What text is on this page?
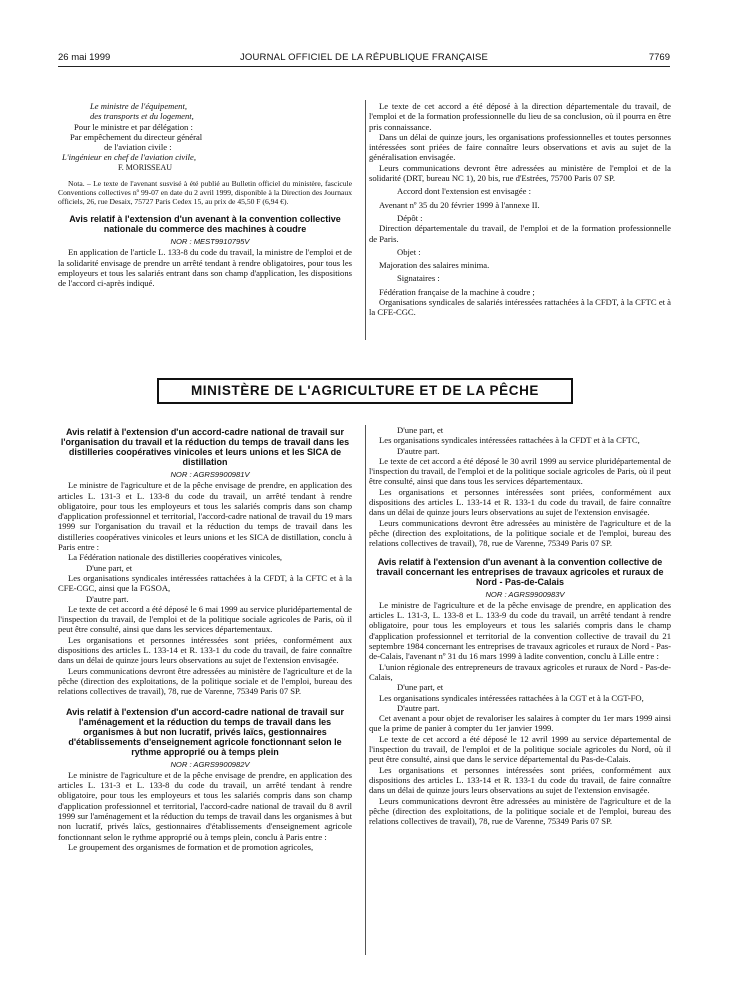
26 mai 1999	JOURNAL OFFICIEL DE LA RÉPUBLIQUE FRANÇAISE	7769
Le ministre de l'équipement,
des transports et du logement,
Pour le ministre et par délégation :
Par empêchement du directeur général
de l'aviation civile :
L'ingénieur en chef de l'aviation civile,
F. MORISSEAU

Nota. – Le texte de l'avenant susvisé à été publié au Bulletin officiel du ministère, fascicule Conventions collectives nº 99-07 en date du 2 avril 1999, disponible à la Direction des Journaux officiels, 26, rue Desaix, 75727 Paris Cedex 15, au prix de 45,50 F (6,94 €).

Avis relatif à l'extension d'un avenant à la convention collective nationale du commerce des machines à coudre

NOR : MESТ9910795V

En application de l'article L. 133-8 du code du travail, la ministre de l'emploi et de la solidarité envisage de prendre un arrêté tendant à rendre obligatoires, pour tous les employeurs et tous les salariés entrant dans son champ d'application, les dispositions de l'accord ci-après indiqué.

Le texte de cet accord a été déposé à la direction départementale du travail, de l'emploi et de la formation professionnelle du lieu de sa conclusion, où il pourra en être pris connaissance.

Dans un délai de quinze jours, les organisations professionnelles et toutes personnes intéressées sont priées de faire connaître leurs observations et avis au sujet de la généralisation envisagée.

Leurs communications devront être adressées au ministère de l'emploi et de la solidarité (DRT, bureau NC 1), 20 bis, rue d'Estrées, 75700 Paris 07 SP.

Accord dont l'extension est envisagée :

Avenant nº 35 du 20 février 1999 à l'annexe II.

Dépôt :

Direction départementale du travail, de l'emploi et de la formation professionnelle de Paris.

Objet :

Majoration des salaires minima.

Signataires :

Fédération française de la machine à coudre ;

Organisations syndicales de salariés intéressées rattachées à la CFDT, à la CFTC et à la CFE-CGC.

MINISTÈRE DE L'AGRICULTURE ET DE LA PÊCHE
Avis relatif à l'extension d'un accord-cadre national de travail sur l'organisation du travail et la réduction du temps de travail dans les distilleries coopératives vinicoles et leurs unions et les SICA de distillation

NOR : AGRS9900981V

Le ministre de l'agriculture et de la pêche envisage de prendre, en application des articles L. 131-3 et L. 133-8 du code du travail, un arrêté tendant à rendre obligatoire, pour tous les employeurs et tous les salariés compris dans son champ d'application professionnel et territorial, l'accord-cadre national de travail du 19 mars 1999 sur l'organisation du travail et la réduction du temps de travail dans les distilleries coopératives vinicoles et leurs unions et les SICA de distillation, conclu à Paris entre :

La Fédération nationale des distilleries coopératives vinicoles,

D'une part, et

Les organisations syndicales intéressées rattachées à la CFDT, à la CFTC et à la CFE-CGC, ainsi que la FGSOA,

D'autre part.

Le texte de cet accord a été déposé le 6 mai 1999 au service pluridépartemental de l'inspection du travail, de l'emploi et de la politique sociale agricoles de Paris, où il peut être consulté, ainsi que dans les services départementaux.

Les organisations et personnes intéressées sont priées, conformément aux dispositions des articles L. 133-14 et R. 133-1 du code du travail, de faire connaître dans un délai de quinze jours leurs observations au sujet de l'extension envisagée.

Leurs communications devront être adressées au ministère de l'agriculture et de la pêche (direction des exploitations, de la politique sociale et de l'emploi, bureau des relations collectives de travail), 78, rue de Varenne, 75349 Paris 07 SP.

Avis relatif à l'extension d'un accord-cadre national de travail sur l'aménagement et la réduction du temps de travail dans les organismes à but non lucratif, privés laïcs, gestionnaires d'établissements d'enseignement agricole fonctionnant selon le rythme approprié ou à temps plein

NOR : AGRS9900982V

Le ministre de l'agriculture et de la pêche envisage de prendre, en application des articles L. 131-3 et L. 133-8 du code du travail, un arrêté tendant à rendre obligatoire, pour tous les employeurs et tous les salariés compris dans son champ d'application professionnel et territorial, l'accord-cadre national de travail du 8 avril 1999 sur l'aménagement et la réduction du temps de travail dans les organismes à but non lucratif, privés laïcs, gestionnaires d'établissements d'enseignement agricole fonctionnant selon le rythme approprié ou à temps plein, conclu à Paris entre :

Le groupement des organismes de formation et de promotion agricoles,

D'une part, et

Les organisations syndicales intéressées rattachées à la CFDT et à la CFTC,

D'autre part.

Le texte de cet accord a été déposé le 30 avril 1999 au service pluridépartemental de l'inspection du travail, de l'emploi et de la politique sociale agricoles de Paris, où il peut être consulté, ainsi que dans tous les services départementaux.

Les organisations et personnes intéressées sont priées, conformément aux dispositions des articles L. 133-14 et R. 133-1 du code du travail, de faire connaître dans un délai de quinze jours leurs observations au sujet de l'extension envisagée.

Leurs communications devront être adressées au ministère de l'agriculture et de la pêche (direction des exploitations, de la politique sociale et de l'emploi, bureau des relations collectives de travail), 78, rue de Varenne, 75349 Paris 07 SP.

Avis relatif à l'extension d'un avenant à la convention collective de travail concernant les entreprises de travaux agricoles et ruraux de Nord - Pas-de-Calais

NOR : AGRS9900983V

Le ministre de l'agriculture et de la pêche envisage de prendre, en application des articles L. 131-3, L. 133-8 et L. 133-9 du code du travail, un arrêté tendant à rendre obligatoire, pour tous les employeurs et tous les salariés compris dans le champ d'application professionnel et territorial de la convention collective de travail du 21 septembre 1984 concernant les entreprises de travaux agricoles et ruraux de Nord - Pas-de-Calais, l'avenant nº 31 du 16 mars 1999 à ladite convention, conclu à Lille entre :

L'union régionale des entrepreneurs de travaux agricoles et ruraux de Nord - Pas-de-Calais,

D'une part, et

Les organisations syndicales intéressées rattachées à la CGT et à la CGT-FO,

D'autre part.

Cet avenant a pour objet de revaloriser les salaires à compter du 1er mars 1999 ainsi que la prime de panier à compter du 1er janvier 1999.

Le texte de cet accord a été déposé le 12 avril 1999 au service départemental de l'inspection du travail, de l'emploi et de la politique sociale agricoles du Nord, où il peut être consulté, ainsi que dans le service départemental du Pas-de-Calais.

Les organisations et personnes intéressées sont priées, conformément aux dispositions des articles L. 133-14 et R. 133-1 du code du travail, de faire connaître dans un délai de quinze jours leurs observations au sujet de l'extension envisagée.

Leurs communications devront être adressées au ministère de l'agriculture et de la pêche (direction des exploitations, de la politique sociale et de l'emploi, bureau des relations collectives de travail), 78, rue de Varenne, 75349 Paris 07 SP.
